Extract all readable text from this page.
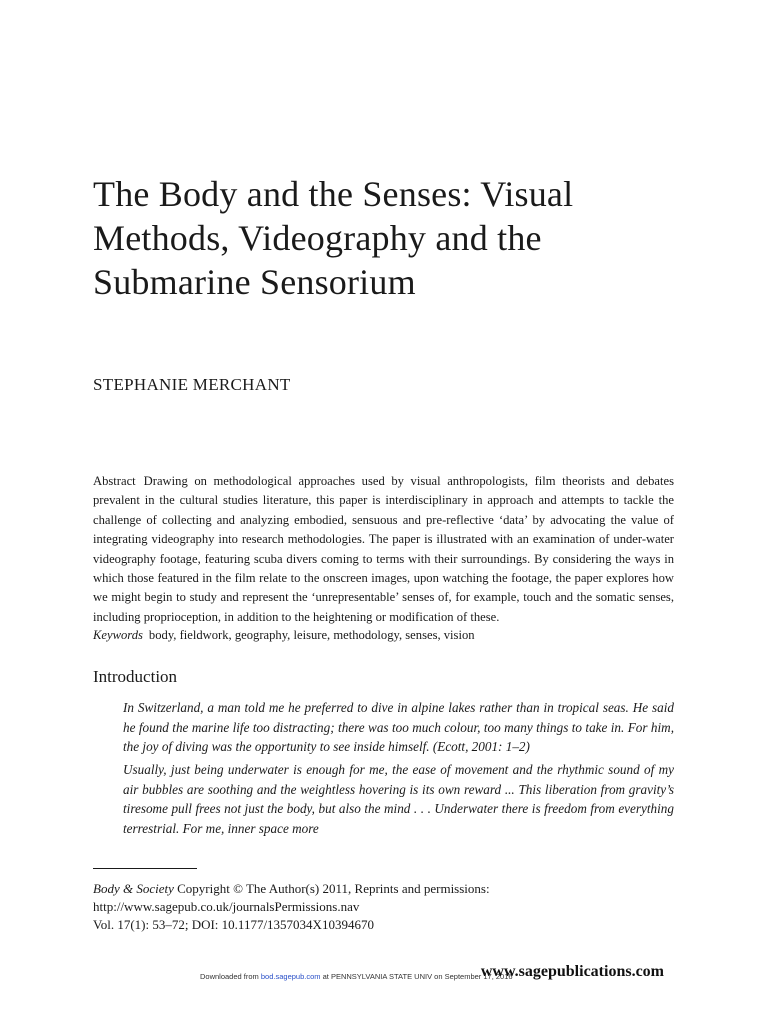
The Body and the Senses: Visual
Methods, Videography and the
Submarine Sensorium
STEPHANIE MERCHANT

Abstract Drawing on methodological approaches used by visual anthropologists, film theorists and debates prevalent in the cultural studies literature, this paper is interdisciplinary in approach and attempts to tackle the challenge of collecting and analyzing embodied, sensuous and pre-reflective ‘data’ by advocating the value of integrating videography into research methodologies. The paper is illustrated with an examination of under-water videography footage, featuring scuba divers coming to terms with their surroundings. By considering the ways in which those featured in the film relate to the onscreen images, upon watching the footage, the paper explores how we might begin to study and represent the ‘unrepresentable’ senses of, for example, touch and the somatic senses, including proprioception, in addition to the heightening or modification of these.

Keywords body, fieldwork, geography, leisure, methodology, senses, vision

Introduction

In Switzerland, a man told me he preferred to dive in alpine lakes rather than in tropical seas. He said he found the marine life too distracting; there was too much colour, too many things to take in. For him, the joy of diving was the opportunity to see inside himself. (Ecott, 2001: 1–2)

Usually, just being underwater is enough for me, the ease of movement and the rhythmic sound of my air bubbles are soothing and the weightless hovering is its own reward ... This liberation from gravity’s tiresome pull frees not just the body, but also the mind . . . Underwater there is freedom from everything terrestrial. For me, inner space more

Body & Society Copyright © The Author(s) 2011, Reprints and permissions:
http://www.sagepub.co.uk/journalsPermissions.nav
Vol. 17(1): 53–72; DOI: 10.1177/1357034X10394670

Downloaded from bod.sagepub.com at PENNSYLVANIA STATE UNIV on September 17, 2016

www.sagepublications.com
